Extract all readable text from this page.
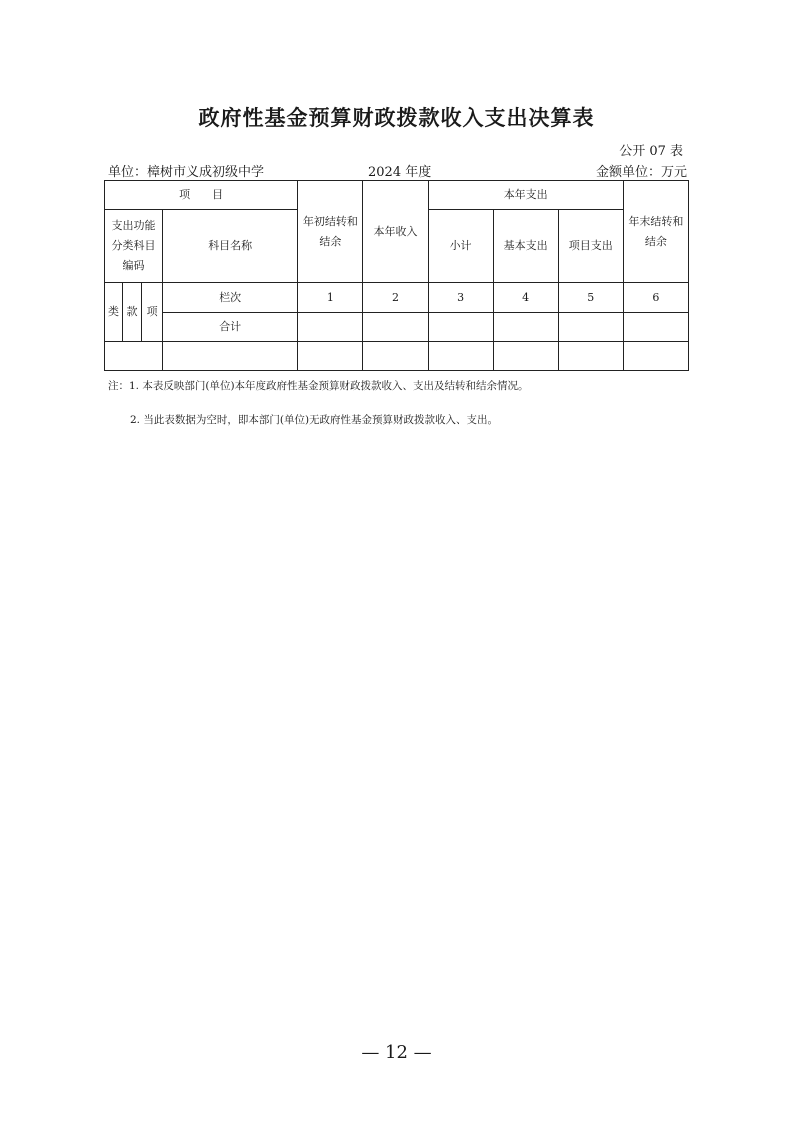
政府性基金预算财政拨款收入支出决算表
公开 07 表
单位：樟树市义成初级中学	2024 年度	金额单位：万元
项　　目				年初结转和结余	本年收入	本年支出			年末结转和结余
支出功能分类科目编码			科目名称			小计	基本支出	项目支出	

类	款	项	栏次	1	2	3	4	5	6
			合计						

注：1. 本表反映部门(单位)本年度政府性基金预算财政拨款收入、支出及结转和结余情况。
2. 当此表数据为空时，即本部门(单位)无政府性基金预算财政拨款收入、支出。
— 12 —
